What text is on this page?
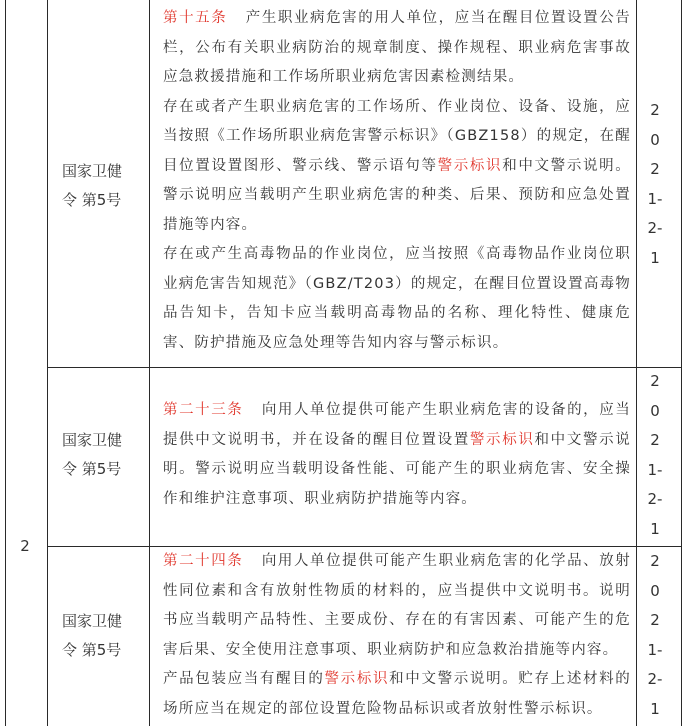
2
国家卫健
令 第5号

第十五条 产生职业病危害的用人单位，应当在醒目位置设置公告栏，公布有关职业病防治的规章制度、操作规程、职业病危害事故应急救援措施和工作场所职业病危害因素检测结果。

存在或者产生职业病危害的工作场所、作业岗位、设备、设施，应当按照《工作场所职业病危害警示标识》（GBZ158）的规定，在醒目位置设置图形、警示线、警示语句等警示标识和中文警示说明。警示说明应当载明产生职业病危害的种类、后果、预防和应急处置措施等内容。

存在或产生高毒物品的作业岗位，应当按照《高毒物品作业岗位职业病危害告知规范》（GBZ/T203）的规定，在醒目位置设置高毒物品告知卡，告知卡应当载明高毒物品的名称、理化特性、健康危害、防护措施及应急处理等告知内容与警示标识。

2
0
2
1-
2-
1
国家卫健
令 第5号

第二十三条 向用人单位提供可能产生职业病危害的设备的，应当提供中文说明书，并在设备的醒目位置设置警示标识和中文警示说明。警示说明应当载明设备性能、可能产生的职业病危害、安全操作和维护注意事项、职业病防护措施等内容。

2
0
2
1-
2-
1
国家卫健
令 第5号

第二十四条 向用人单位提供可能产生职业病危害的化学品、放射性同位素和含有放射性物质的材料的，应当提供中文说明书。说明书应当载明产品特性、主要成份、存在的有害因素、可能产生的危害后果、安全使用注意事项、职业病防护和应急救治措施等内容。

产品包装应当有醒目的警示标识和中文警示说明。贮存上述材料的场所应当在规定的部位设置危险物品标识或者放射性警示标识。

2
0
2
1-
2-
1
